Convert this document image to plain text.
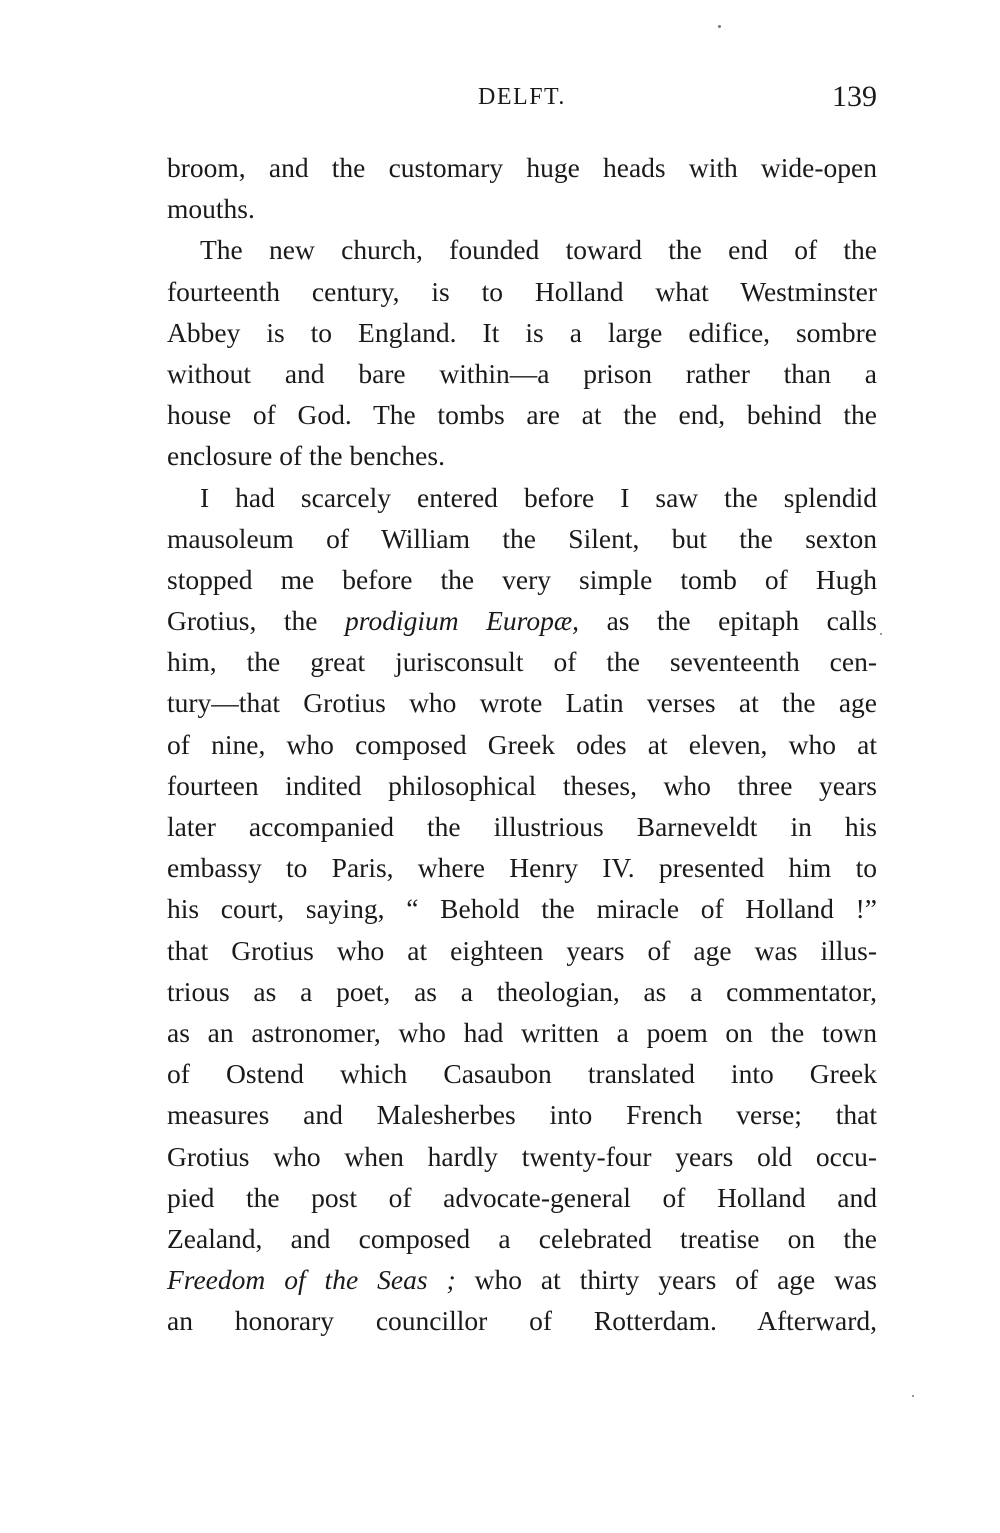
DELFT.	139
broom, and the customary huge heads with wide-open
mouths.
The new church, founded toward the end of the
fourteenth century, is to Holland what Westminster
Abbey is to England. It is a large edifice, sombre
without and bare within—a prison rather than a
house of God. The tombs are at the end, behind the
enclosure of the benches.
I had scarcely entered before I saw the splendid
mausoleum of William the Silent, but the sexton
stopped me before the very simple tomb of Hugh
Grotius, the prodigium Europæ, as the epitaph calls
him, the great jurisconsult of the seventeenth cen-
tury—that Grotius who wrote Latin verses at the age
of nine, who composed Greek odes at eleven, who at
fourteen indited philosophical theses, who three years
later accompanied the illustrious Barneveldt in his
embassy to Paris, where Henry IV. presented him to
his court, saying, “ Behold the miracle of Holland !”
that Grotius who at eighteen years of age was illus-
trious as a poet, as a theologian, as a commentator,
as an astronomer, who had written a poem on the town
of Ostend which Casaubon translated into Greek
measures and Malesherbes into French verse; that
Grotius who when hardly twenty-four years old occu-
pied the post of advocate-general of Holland and
Zealand, and composed a celebrated treatise on the
Freedom of the Seas ; who at thirty years of age was
an honorary councillor of Rotterdam. Afterward,
